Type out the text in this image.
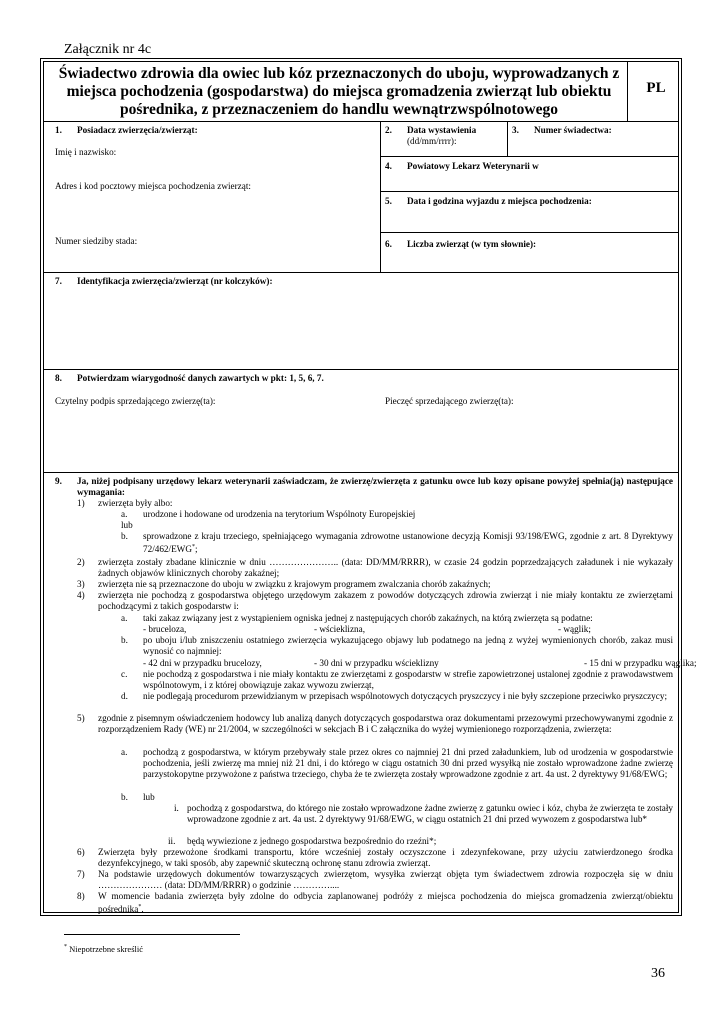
Załącznik nr 4c
Świadectwo zdrowia dla owiec lub kóz przeznaczonych do uboju, wyprowadzanych z miejsca pochodzenia (gospodarstwa) do miejsca gromadzenia zwierząt lub obiektu pośrednika, z przeznaczeniem do handlu wewnątrzwspólnotowego
PL
1. Posiadacz zwierzęcia/zwierząt:
Imię i nazwisko:
Adres i kod pocztowy miejsca pochodzenia zwierząt:
Numer siedziby stada:
2. Data wystawienia
(dd/mm/rrrr):
3. Numer świadectwa:
4. Powiatowy Lekarz Weterynarii w
5. Data i godzina wyjazdu z miejsca pochodzenia:
6. Liczba zwierząt (w tym słownie):
7. Identyfikacja zwierzęcia/zwierząt (nr kolczyków):
8. Potwierdzam wiarygodność danych zawartych w pkt: 1, 5, 6, 7.
Czytelny podpis sprzedającego zwierzę(ta):	Pieczęć sprzedającego zwierzę(ta):
9. Ja, niżej podpisany urzędowy lekarz weterynarii zaświadczam, że zwierzę/zwierzęta z gatunku owce lub kozy opisane powyżej spełnia(ją) następujące wymagania:
1) zwierzęta były albo:
a. urodzone i hodowane od urodzenia na terytorium Wspólnoty Europejskiej
lub
b. sprowadzone z kraju trzeciego, spełniającego wymagania zdrowotne ustanowione decyzją Komisji 93/198/EWG, zgodnie z art. 8 Dyrektywy 72/462/EWG*;
2) zwierzęta zostały zbadane klinicznie w dniu ………………….. (data: DD/MM/RRRR), w czasie 24 godzin poprzedzających załadunek i nie wykazały żadnych objawów klinicznych choroby zakaźnej;
3) zwierzęta nie są przeznaczone do uboju w związku z krajowym programem zwalczania chorób zakaźnych;
4) zwierzęta nie pochodzą z gospodarstwa objętego urzędowym zakazem z powodów dotyczących zdrowia zwierząt i nie miały kontaktu ze zwierzętami pochodzącymi z takich gospodarstw i:
a. taki zakaz związany jest z wystąpieniem ogniska jednej z następujących chorób zakaźnych, na którą zwierzęta są podatne:
- bruceloza,	- wścieklizna,	- wąglik;
b. po uboju i/lub zniszczeniu ostatniego zwierzęcia wykazującego objawy lub podatnego na jedną z wyżej wymienionych chorób, zakaz musi wynosić co najmniej:
- 42 dni w przypadku brucelozy,	- 30 dni w przypadku wścieklizny	- 15 dni w przypadku wąglika;
c. nie pochodzą z gospodarstwa i nie miały kontaktu ze zwierzętami z gospodarstw w strefie zapowietrzonej ustalonej zgodnie z prawodawstwem wspólnotowym, i z której obowiązuje zakaz wywozu zwierząt,
d. nie podlegają procedurom przewidzianym w przepisach wspólnotowych dotyczących pryszczycy i nie były szczepione przeciwko pryszczycy;
5) zgodnie z pisemnym oświadczeniem hodowcy lub analizą danych dotyczących gospodarstwa oraz dokumentami przezowymi przechowywanymi zgodnie z rozporządzeniem Rady (WE) nr 21/2004, w szczególności w sekcjach B i C załącznika do wyżej wymienionego rozporządzenia, zwierzęta:
a. pochodzą z gospodarstwa, w którym przebywały stale przez okres co najmniej 21 dni przed załadunkiem, lub od urodzenia w gospodarstwie pochodzenia, jeśli zwierzę ma mniej niż 21 dni, i do którego w ciągu ostatnich 30 dni przed wysyłką nie zostało wprowadzone żadne zwierzę parzystokopytne przywożone z państwa trzeciego, chyba że te zwierzęta zostały wprowadzone zgodnie z art. 4a ust. 2 dyrektywy 91/68/EWG;
b. lub
i. pochodzą z gospodarstwa, do którego nie zostało wprowadzone żadne zwierzę z gatunku owiec i kóz, chyba że zwierzęta te zostały wprowadzone zgodnie z art. 4a ust. 2 dyrektywy 91/68/EWG, w ciągu ostatnich 21 dni przed wywozem z gospodarstwa lub*
ii. będą wywiezione z jednego gospodarstwa bezpośrednio do rzeźni*;
6) Zwierzęta były przewożone środkami transportu, które wcześniej zostały oczyszczone i zdezynfekowane, przy użyciu zatwierdzonego środka dezynfekcyjnego, w taki sposób, aby zapewnić skuteczną ochronę stanu zdrowia zwierząt.
7) Na podstawie urzędowych dokumentów towarzyszących zwierzętom, wysyłka zwierząt objęta tym świadectwem zdrowia rozpoczęła się w dniu ………………… (data: DD/MM/RRRR) o godzinie …………....
8) W momencie badania zwierzęta były zdolne do odbycia zaplanowanej podróży z miejsca pochodzenia do miejsca gromadzenia zwierząt/obiektu pośrednika*.
* Niepotrzebne skreślić
36
